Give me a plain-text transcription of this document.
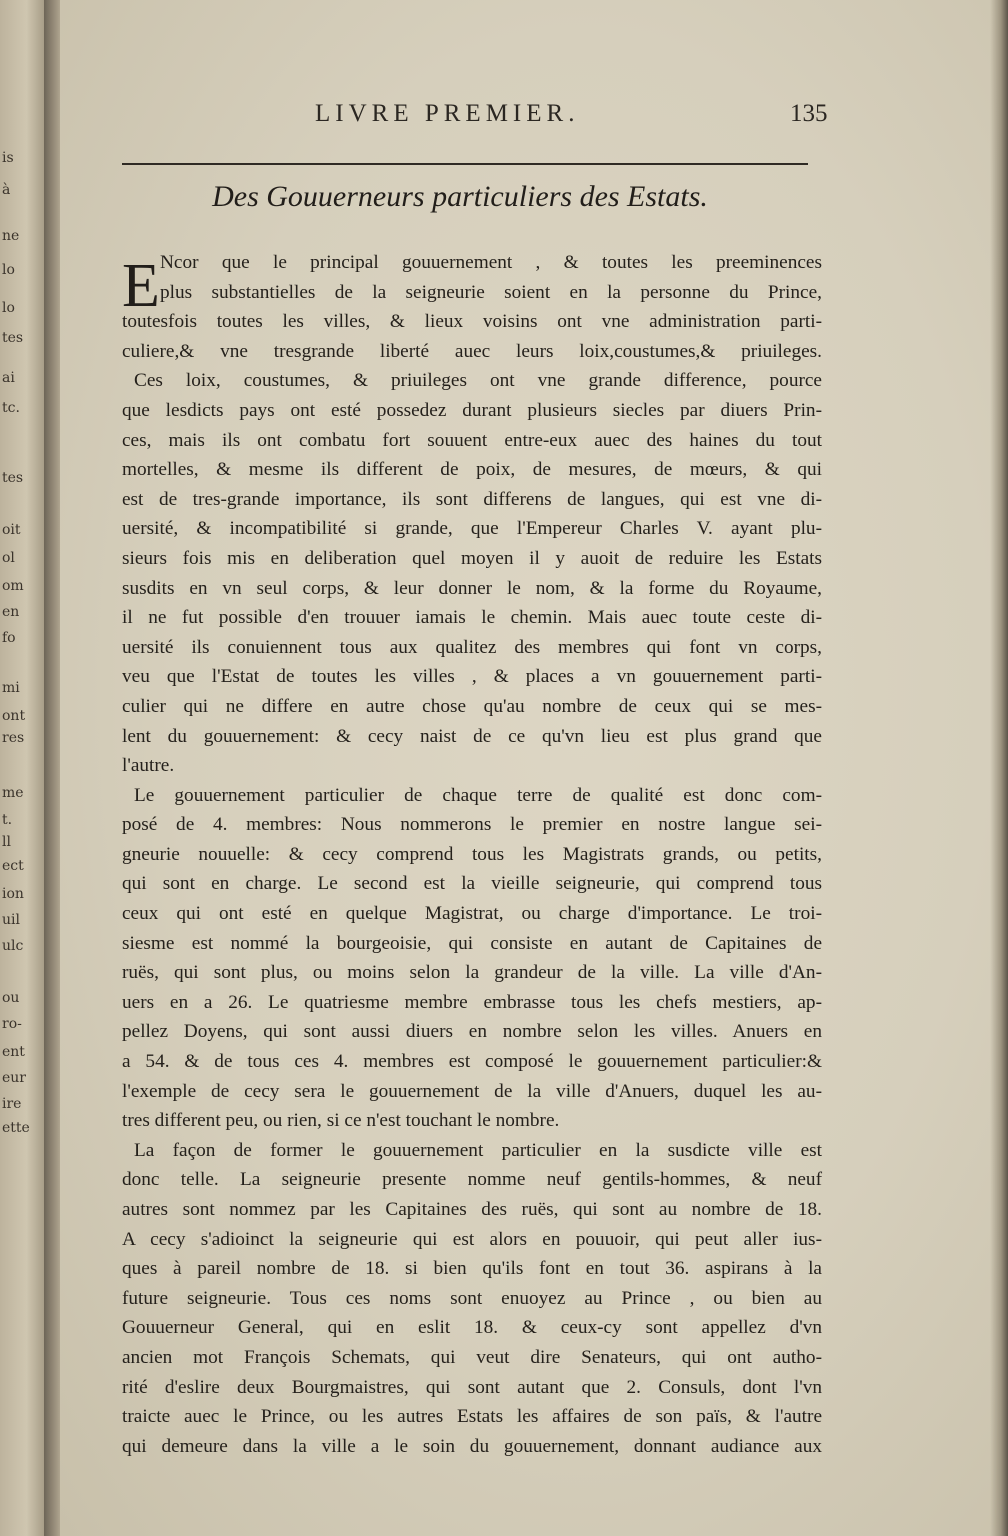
is
à
ne
lo
lo
tes
ai
tc.
tes
oit
ol
om
en
fo
mi
ont
res
me
t.
ll
ect
ion
uil
ulc
ou
ro-
ent
eur
ire
ette
LIVRE PREMIER.	135
Des Gouuerneurs particuliers des Estats.
E Ncor que le principal gouuernement , & toutes les preeminences
plus substantielles de la seigneurie soient en la personne du Prince,
toutesfois toutes les villes, & lieux voisins ont vne administration parti-
culiere,& vne tresgrande liberté auec leurs loix,coustumes,& priuileges.
Ces loix, coustumes, & priuileges ont vne grande difference, pource
que lesdicts pays ont esté possedez durant plusieurs siecles par diuers Prin-
ces, mais ils ont combatu fort souuent entre-eux auec des haines du tout
mortelles, & mesme ils different de poix, de mesures, de mœurs, & qui
est de tres-grande importance, ils sont differens de langues, qui est vne di-
uersité, & incompatibilité si grande, que l'Empereur Charles V. ayant plu-
sieurs fois mis en deliberation quel moyen il y auoit de reduire les Estats
susdits en vn seul corps, & leur donner le nom, & la forme du Royaume,
il ne fut possible d'en trouuer iamais le chemin. Mais auec toute ceste di-
uersité ils conuiennent tous aux qualitez des membres qui font vn corps,
veu que l'Estat de toutes les villes , & places a vn gouuernement parti-
culier qui ne differe en autre chose qu'au nombre de ceux qui se mes-
lent du gouuernement: & cecy naist de ce qu'vn lieu est plus grand que
l'autre.
Le gouuernement particulier de chaque terre de qualité est donc com-
posé de 4. membres: Nous nommerons le premier en nostre langue sei-
gneurie nouuelle: & cecy comprend tous les Magistrats grands, ou petits,
qui sont en charge. Le second est la vieille seigneurie, qui comprend tous
ceux qui ont esté en quelque Magistrat, ou charge d'importance. Le troi-
siesme est nommé la bourgeoisie, qui consiste en autant de Capitaines de
ruës, qui sont plus, ou moins selon la grandeur de la ville. La ville d'An-
uers en a 26. Le quatriesme membre embrasse tous les chefs mestiers, ap-
pellez Doyens, qui sont aussi diuers en nombre selon les villes. Anuers en
a 54. & de tous ces 4. membres est composé le gouuernement particulier:&
l'exemple de cecy sera le gouuernement de la ville d'Anuers, duquel les au-
tres different peu, ou rien, si ce n'est touchant le nombre.
La façon de former le gouuernement particulier en la susdicte ville est
donc telle. La seigneurie presente nomme neuf gentils-hommes, & neuf
autres sont nommez par les Capitaines des ruës, qui sont au nombre de 18.
A cecy s'adioinct la seigneurie qui est alors en pouuoir, qui peut aller ius-
ques à pareil nombre de 18. si bien qu'ils font en tout 36. aspirans à la
future seigneurie. Tous ces noms sont enuoyez au Prince , ou bien au
Gouuerneur General, qui en eslit 18. & ceux-cy sont appellez d'vn
ancien mot François Schemats, qui veut dire Senateurs, qui ont autho-
rité d'eslire deux Bourgmaistres, qui sont autant que 2. Consuls, dont l'vn
traicte auec le Prince, ou les autres Estats les affaires de son païs, & l'autre
qui demeure dans la ville a le soin du gouuernement, donnant audiance aux
